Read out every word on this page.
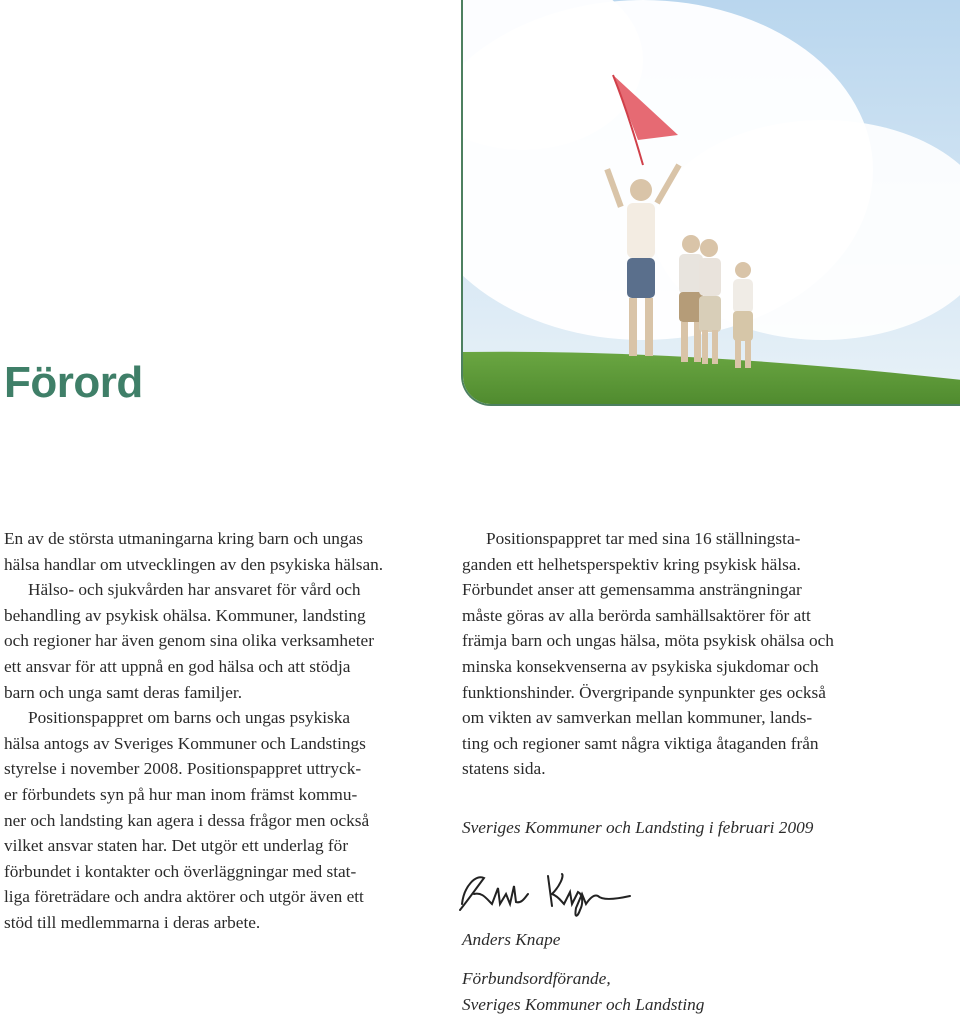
Förord

En av de största utmaningarna kring barn och ungas
hälsa handlar om utvecklingen av den psykiska hälsan.
Hälso- och sjukvården har ansvaret för vård och
behandling av psykisk ohälsa. Kommuner, landsting
och regioner har även genom sina olika verksamheter
ett ansvar för att uppnå en god hälsa och att stödja
barn och unga samt deras familjer.
Positionspappret om barns och ungas psykiska
hälsa antogs av Sveriges Kommuner och Landstings
styrelse i november 2008. Positionspappret uttryck-
er förbundets syn på hur man inom främst kommu-
ner och landsting kan agera i dessa frågor men också
vilket ansvar staten har. Det utgör ett underlag för
förbundet i kontakter och överläggningar med stat-
liga företrädare och andra aktörer och utgör även ett
stöd till medlemmarna i deras arbete.

Positionspappret tar med sina 16 ställningsta-
ganden ett helhetsperspektiv kring psykisk hälsa.
Förbundet anser att gemensamma ansträngningar
måste göras av alla berörda samhällsaktörer för att
främja barn och ungas hälsa, möta psykisk ohälsa och
minska konsekvenserna av psykiska sjukdomar och
funktionshinder. Övergripande synpunkter ges också
om vikten av samverkan mellan kommuner, lands-
ting och regioner samt några viktiga åtaganden från
statens sida.

Sveriges Kommuner och Landsting i februari 2009
Anders Knape
Förbundsordförande,
Sveriges Kommuner och Landsting
